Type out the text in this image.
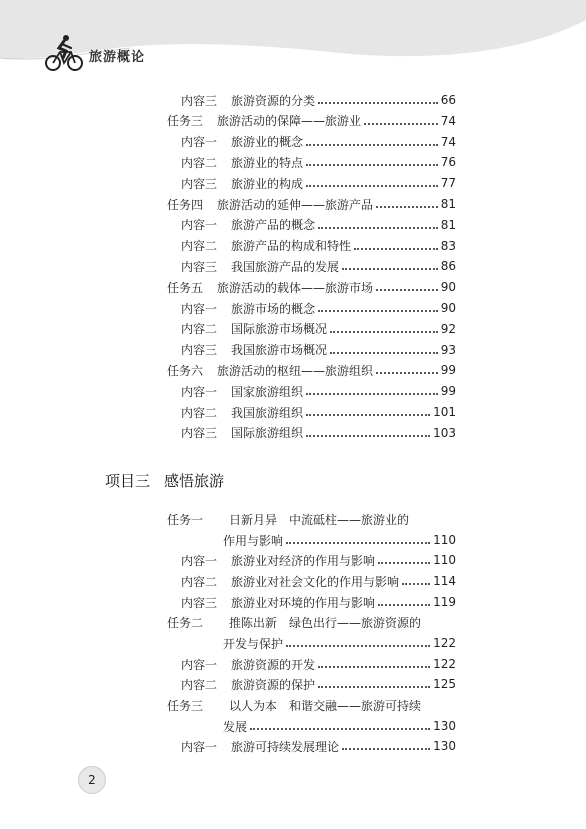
旅游概论
内容三 旅游资源的分类	66
任务三 旅游活动的保障——旅游业	74
内容一 旅游业的概念	74
内容二 旅游业的特点	76
内容三 旅游业的构成	77
任务四 旅游活动的延伸——旅游产品	81
内容一 旅游产品的概念	81
内容二 旅游产品的构成和特性	83
内容三 我国旅游产品的发展	86
任务五 旅游活动的载体——旅游市场	90
内容一 旅游市场的概念	90
内容二 国际旅游市场概况	92
内容三 我国旅游市场概况	93
任务六 旅游活动的枢纽——旅游组织	99
内容一 国家旅游组织	99
内容二 我国旅游组织	101
内容三 国际旅游组织	103
项目三 感悟旅游
任务一 日新月异　中流砥柱——旅游业的
作用与影响	110
内容一 旅游业对经济的作用与影响	110
内容二 旅游业对社会文化的作用与影响	114
内容三 旅游业对环境的作用与影响	119
任务二 推陈出新　绿色出行——旅游资源的
开发与保护	122
内容一 旅游资源的开发	122
内容二 旅游资源的保护	125
任务三 以人为本　和谐交融——旅游可持续
发展	130
内容一 旅游可持续发展理论	130
2
